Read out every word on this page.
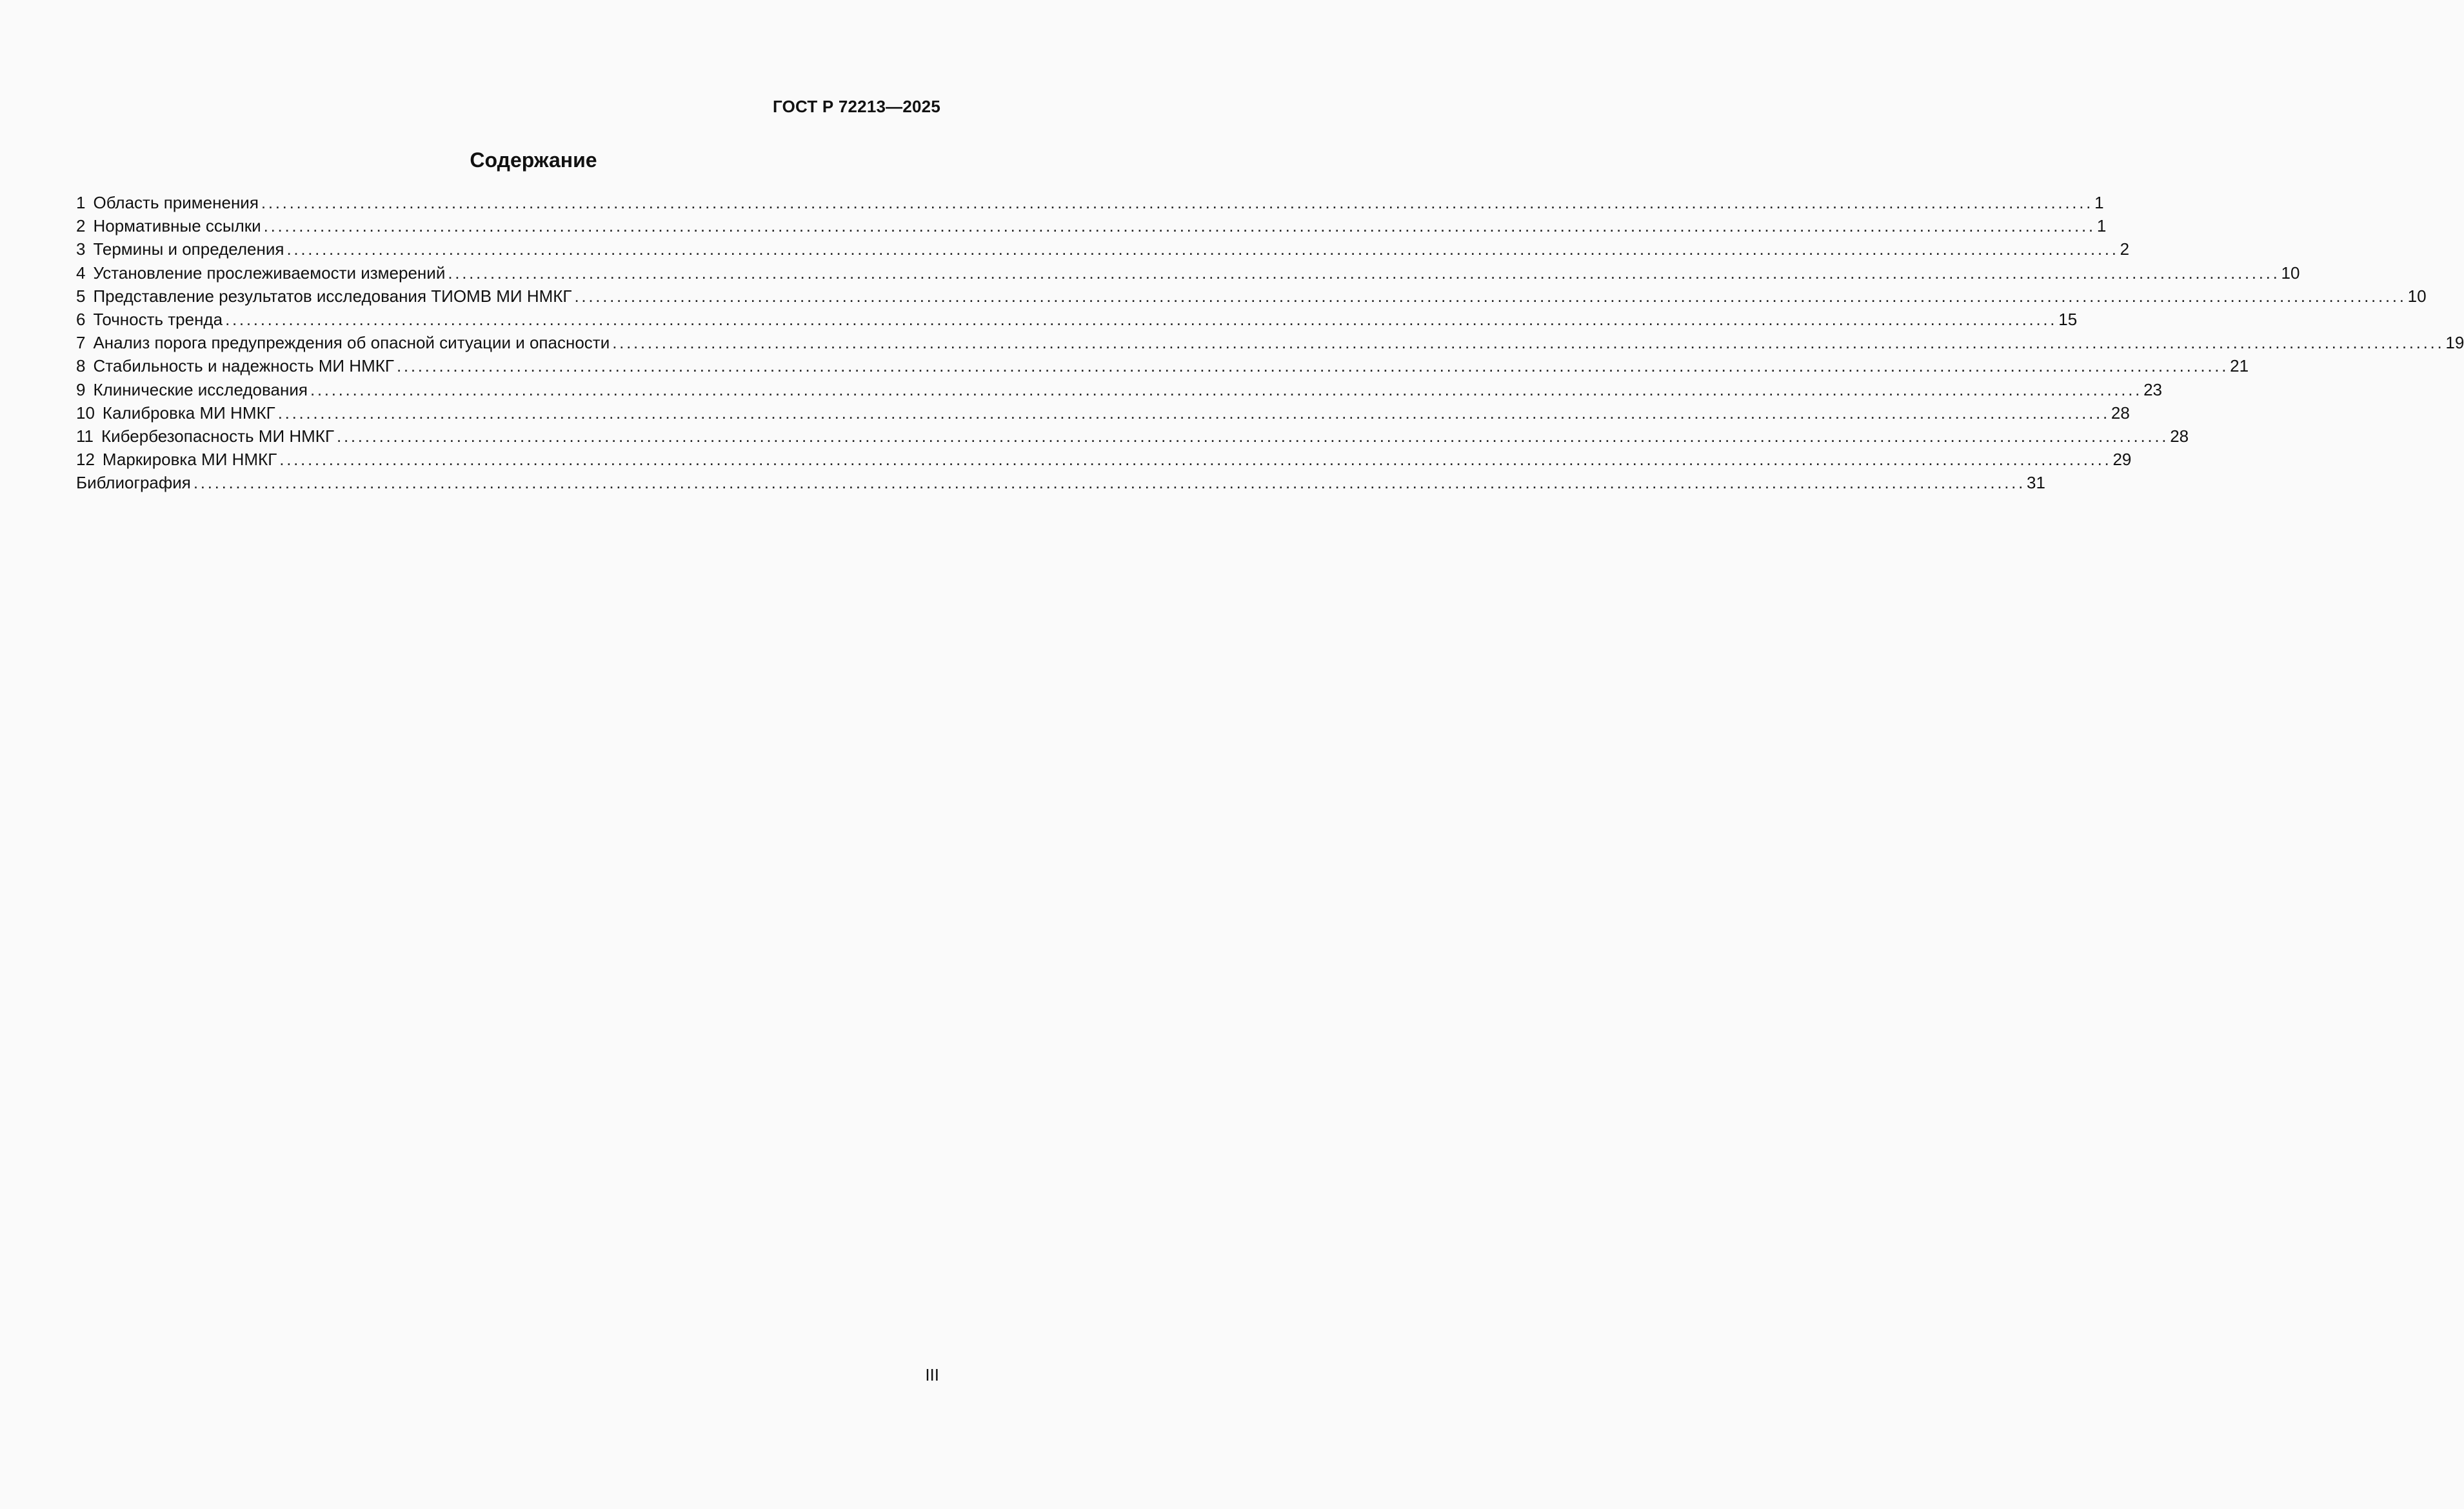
ГОСТ Р 72213—2025
Содержание
1 Область применения .................................................................................................................................................................................................................................................................... 1
2 Нормативные ссылки .................................................................................................................................................................................................................................................................... 1
3 Термины и определения .................................................................................................................................................................................................................................................................... 2
4 Установление прослеживаемости измерений .................................................................................................................................................................................................................................................................... 10
5 Представление результатов исследования ТИОМВ МИ НМКГ .................................................................................................................................................................................................................................................................... 10
6 Точность тренда .................................................................................................................................................................................................................................................................... 15
7 Анализ порога предупреждения об опасной ситуации и опасности .................................................................................................................................................................................................................................................................... 19
8 Стабильность и надежность МИ НМКГ .................................................................................................................................................................................................................................................................... 21
9 Клинические исследования .................................................................................................................................................................................................................................................................... 23
10 Калибровка МИ НМКГ .................................................................................................................................................................................................................................................................... 28
11 Кибербезопасность МИ НМКГ .................................................................................................................................................................................................................................................................... 28
12 Маркировка МИ НМКГ .................................................................................................................................................................................................................................................................... 29
Библиография .................................................................................................................................................................................................................................................................... 31
III
